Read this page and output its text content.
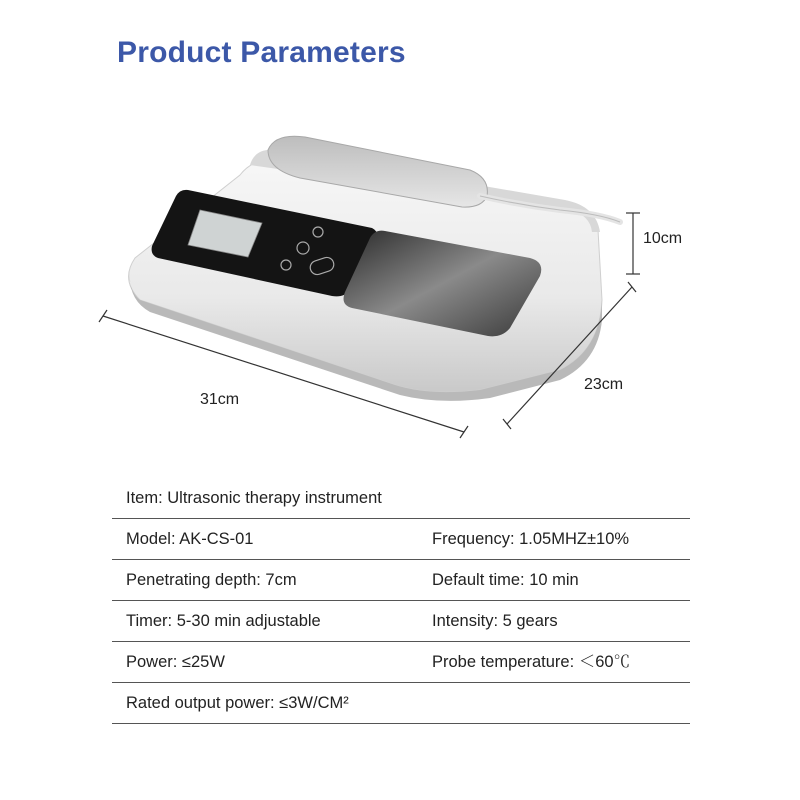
Product Parameters
10cm
23cm
31cm
Item: Ultrasonic therapy instrument
Model: AK-CS-01	Frequency: 1.05MHZ±10%
Penetrating depth: 7cm	Default time: 10 min
Timer: 5-30 min adjustable	Intensity: 5 gears
Power: ≤25W	Probe temperature: ＜60℃
Rated output power: ≤3W/CM²
